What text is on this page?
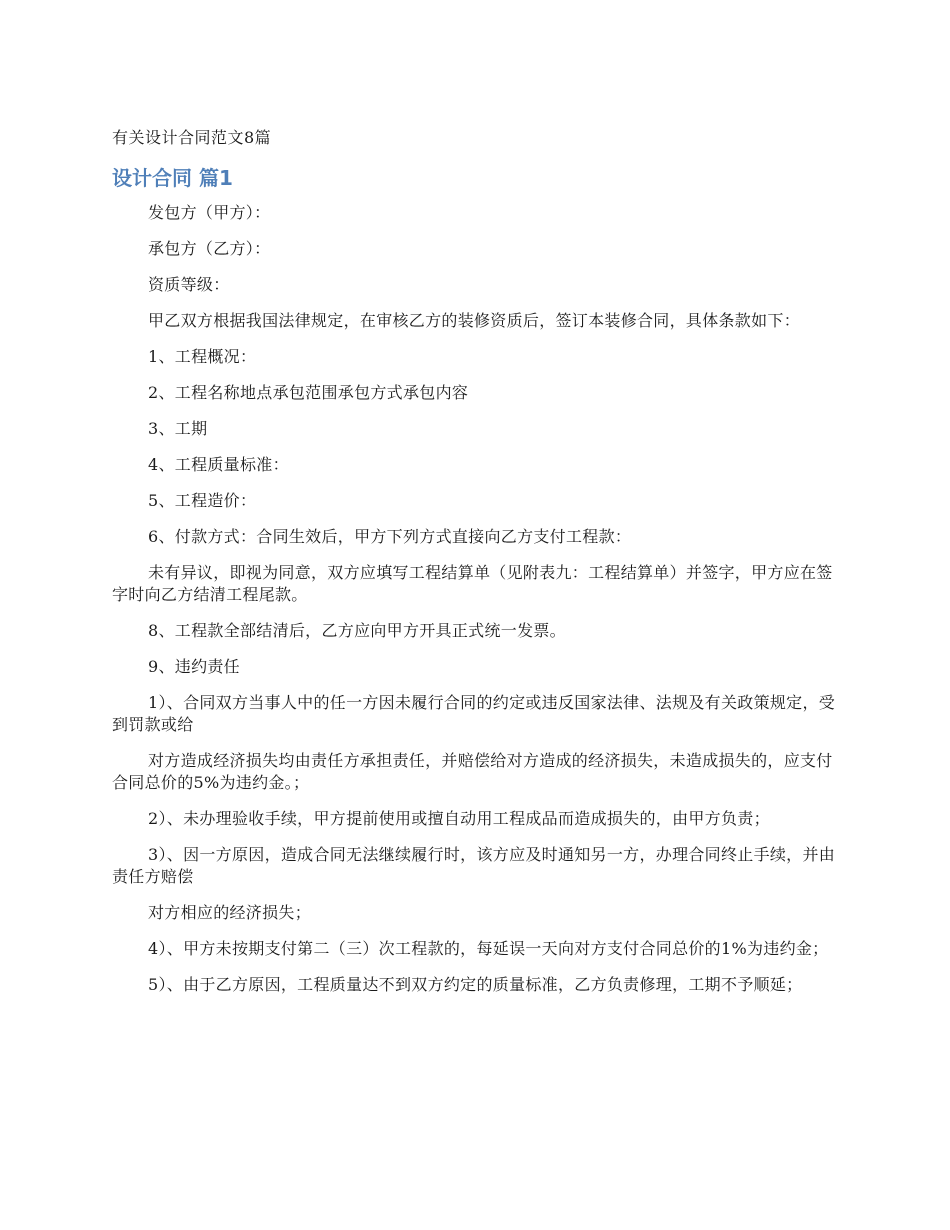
有关设计合同范文8篇
设计合同 篇1

发包方（甲方）：

承包方（乙方）：

资质等级：

甲乙双方根据我国法律规定，在审核乙方的装修资质后，签订本装修合同，具体条款如下：

1、工程概况：

2、工程名称地点承包范围承包方式承包内容

3、工期

4、工程质量标准：

5、工程造价：

6、付款方式：合同生效后，甲方下列方式直接向乙方支付工程款：

未有异议，即视为同意，双方应填写工程结算单（见附表九：工程结算单）并签字，甲方应在签字时向乙方结清工程尾款。

8、工程款全部结清后，乙方应向甲方开具正式统一发票。

9、违约责任

1）、合同双方当事人中的任一方因未履行合同的约定或违反国家法律、法规及有关政策规定，受到罚款或给

对方造成经济损失均由责任方承担责任，并赔偿给对方造成的经济损失，未造成损失的，应支付合同总价的5%为违约金。；

2）、未办理验收手续，甲方提前使用或擅自动用工程成品而造成损失的，由甲方负责；

3）、因一方原因，造成合同无法继续履行时，该方应及时通知另一方，办理合同终止手续，并由责任方赔偿

对方相应的经济损失；

4）、甲方未按期支付第二（三）次工程款的，每延误一天向对方支付合同总价的1%为违约金；

5）、由于乙方原因，工程质量达不到双方约定的质量标准，乙方负责修理，工期不予顺延；
